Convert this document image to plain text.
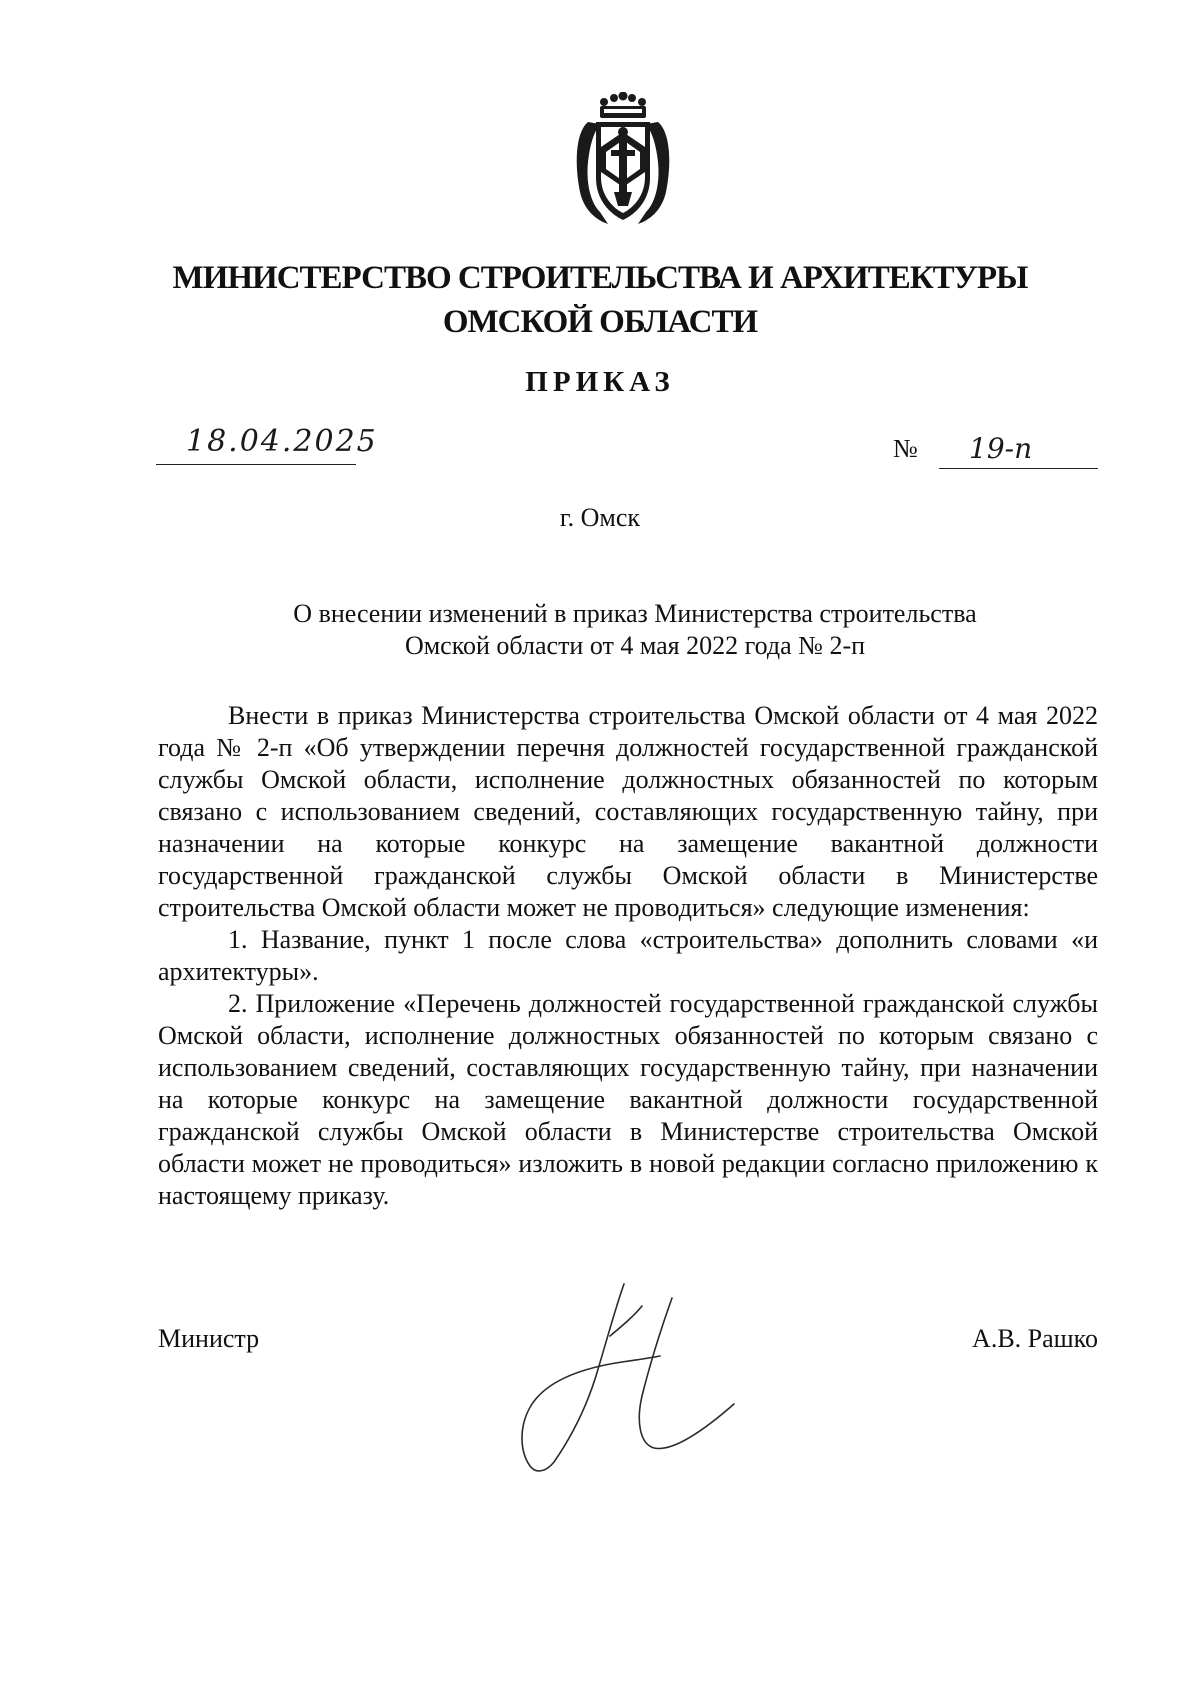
МИНИСТЕРСТВО СТРОИТЕЛЬСТВА И АРХИТЕКТУРЫ
ОМСКОЙ ОБЛАСТИ
ПРИКАЗ
18.04.2025	№ 19-п
г. Омск
О внесении изменений в приказ Министерства строительства
Омской области от 4 мая 2022 года № 2-п

Внести в приказ Министерства строительства Омской области от 4 мая 2022 года № 2-п «Об утверждении перечня должностей государственной гражданской службы Омской области, исполнение должностных обязанностей по которым связано с использованием сведений, составляющих государственную тайну, при назначении на которые конкурс на замещение вакантной должности государственной гражданской службы Омской области в Министерстве строительства Омской области может не проводиться» следующие изменения:

1. Название, пункт 1 после слова «строительства» дополнить словами «и архитектуры».

2. Приложение «Перечень должностей государственной гражданской службы Омской области, исполнение должностных обязанностей по которым связано с использованием сведений, составляющих государственную тайну, при назначении на которые конкурс на замещение вакантной должности государственной гражданской службы Омской области в Министерстве строительства Омской области может не проводиться» изложить в новой редакции согласно приложению к настоящему приказу.

Министр	А.В. Рашко
